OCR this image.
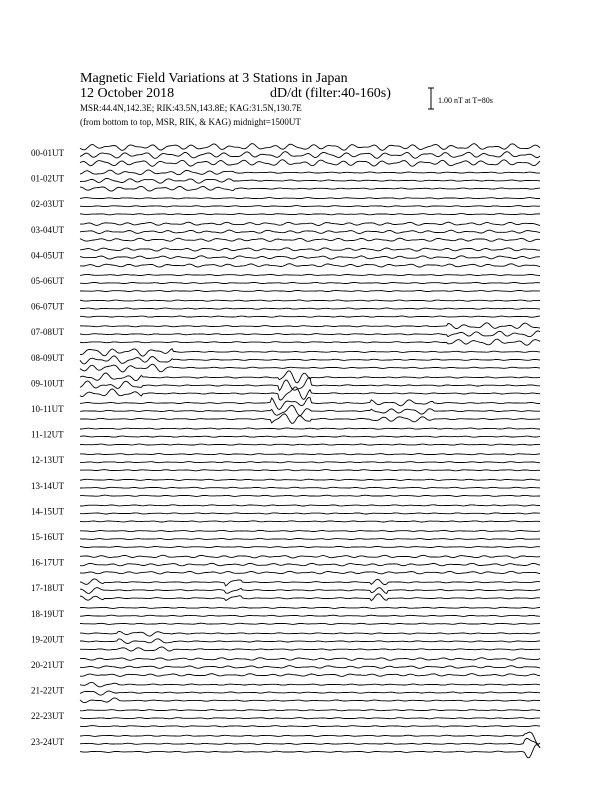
Magnetic Field Variations at 3 Stations in Japan
12 October 2018	dD/dt (filter:40-160s)
MSR:44.4N,142.3E; RIK:43.5N,143.8E; KAG:31.5N,130.7E
(from bottom to top, MSR, RIK, & KAG) midnight=1500UT
1.00 nT at T=80s
00-01UT
01-02UT
02-03UT
03-04UT
04-05UT
05-06UT
06-07UT
07-08UT
08-09UT
09-10UT
10-11UT
11-12UT
12-13UT
13-14UT
14-15UT
15-16UT
16-17UT
17-18UT
18-19UT
19-20UT
20-21UT
21-22UT
22-23UT
23-24UT
